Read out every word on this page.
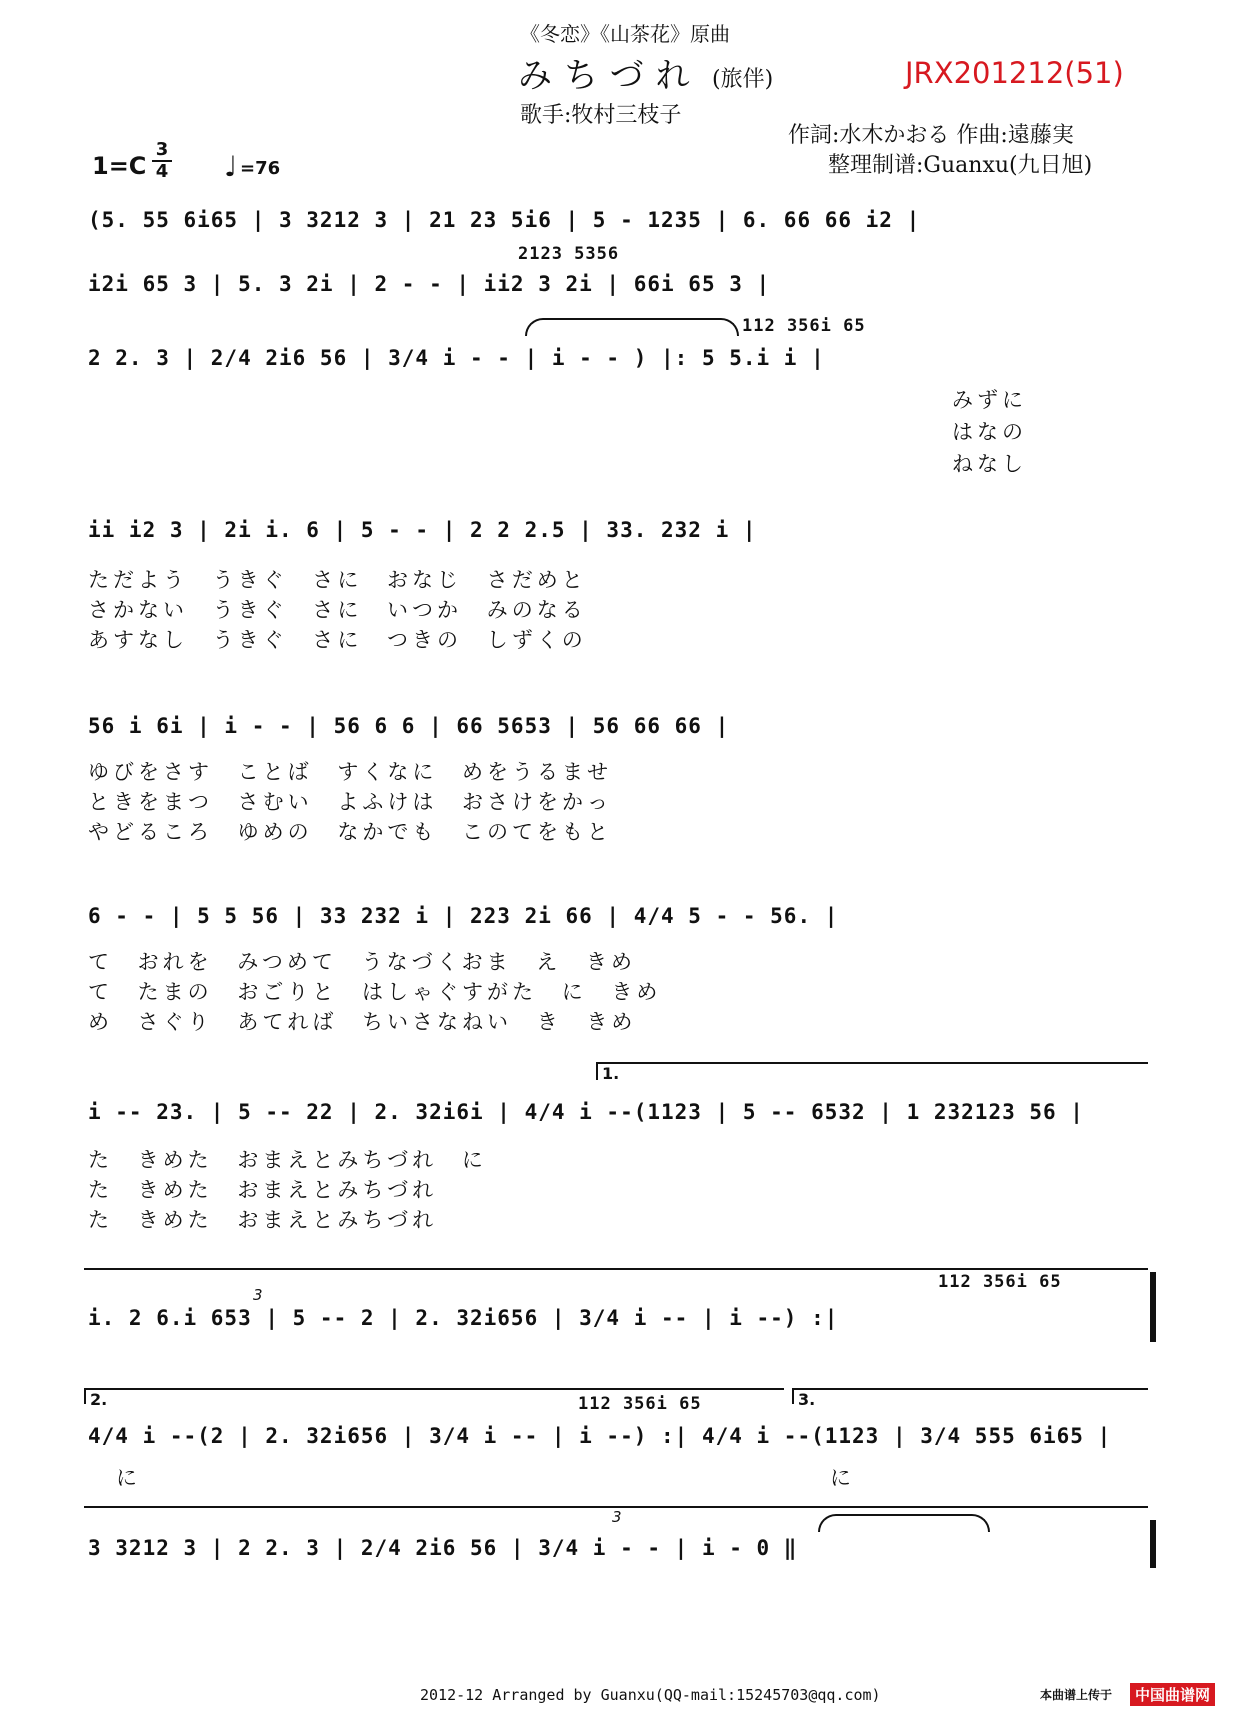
《冬恋》《山茶花》原曲
みちづれ (旅伴)	JRX201212(51)
歌手:牧村三枝子
作詞:水木かおる 作曲:遠藤実
整理制谱:Guanxu(九日旭)
1=C
3
4 ♩ =76
(5. 55 6i65 | 3 3212 3 | 21 23 5i6 | 5 - 1235 | 6. 66 66 i2 |
2123 5356
i2i 65 3 | 5. 3 2i | 2 - - | ii2 3 2i | 66i 65 3 |
112 356i 65
2 2. 3 | 2/4 2i6 56 | 3/4 i - - | i - - ) |: 5 5.i i |
みずに
はなの
ねなし
ii i2 3 | 2i i. 6 | 5 - - | 2 2 2.5 | 33. 232 i |
ただよう うきぐ さに おなじ さだめと
さかない うきぐ さに いつか みのなる
あすなし うきぐ さに つきの しずくの
56 i 6i | i - - | 56 6 6 | 66 5653 | 56 66 66 |
ゆびをさす ことば すくなに めをうるませ
ときをまつ さむい よふけは おさけをかっ
やどるころ ゆめの なかでも このてをもと
6 - - | 5 5 56 | 33 232 i | 223 2i 66 | 4/4 5 - - 56. |
て おれを みつめて うなづくおま え きめ
て たまの おごりと はしゃぐすがた に きめ
め さぐり あてれば ちいさなねい き きめ
1.
i -- 23. | 5 -- 22 | 2. 32i6i | 4/4 i --(1123 | 5 -- 6532 | 1 232123 56 |
た きめた おまえとみちづれ に
た きめた おまえとみちづれ
た きめた おまえとみちづれ
3
112 356i 65
i. 2 6.i 653 | 5 -- 2 | 2. 32i656 | 3/4 i -- | i --) :|
2.	3.
112 356i 65
4/4 i --(2 | 2. 32i656 | 3/4 i -- | i --) :| 4/4 i --(1123 | 3/4 555 6i65 |
に	に
3
3 3212 3 | 2 2. 3 | 2/4 2i6 56 | 3/4 i - - | i - 0 ‖
2012-12 Arranged by Guanxu(QQ-mail:15245703@qq.com)	本曲谱上传于	中国曲谱网
